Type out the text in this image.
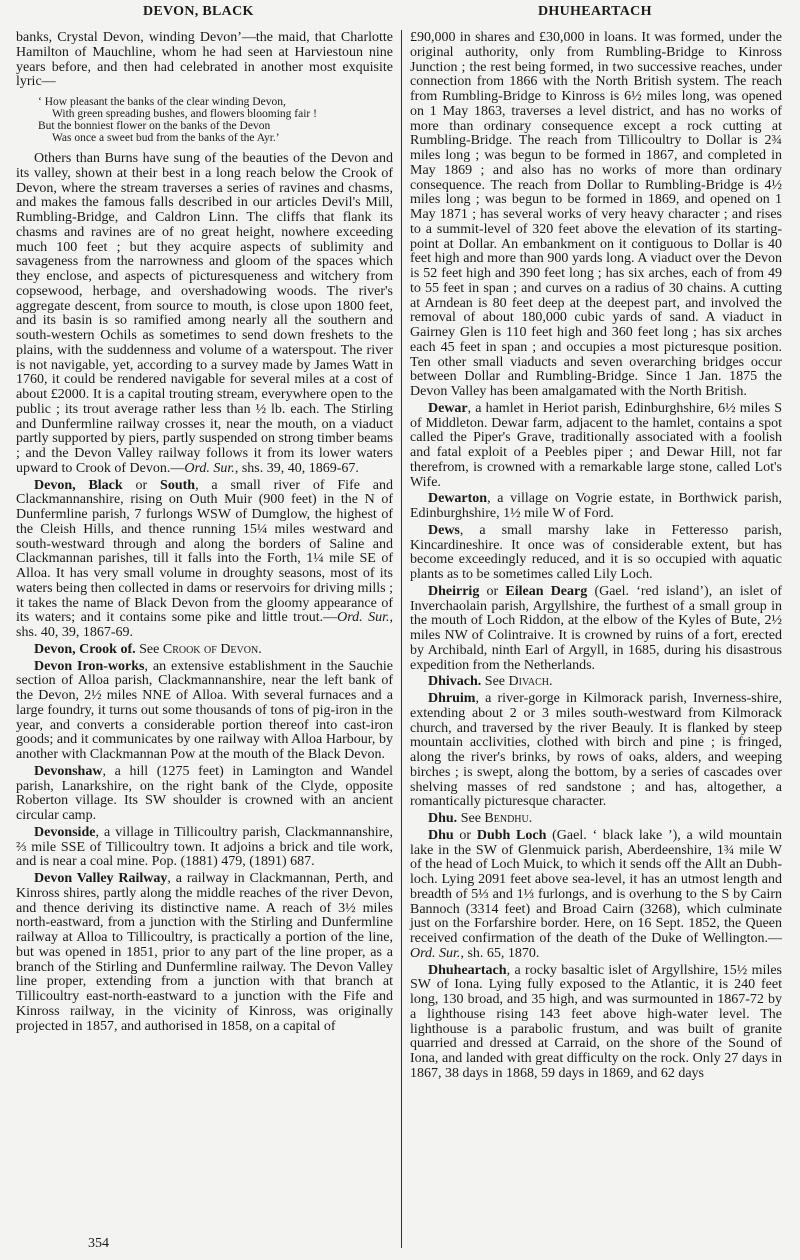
DEVON, BLACK	DHUHEARTACH

banks, Crystal Devon, winding Devon’—the maid, that Charlotte Hamilton of Mauchline, whom he had seen at Harviestoun nine years before, and then had celebrated in another most exquisite lyric—

‘ How pleasant the banks of the clear winding Devon,
With green spreading bushes, and flowers blooming fair !
But the bonniest flower on the banks of the Devon
Was once a sweet bud from the banks of the Ayr.’

Others than Burns have sung of the beauties of the Devon and its valley, shown at their best in a long reach below the Crook of Devon, where the stream traverses a series of ravines and chasms, and makes the famous falls described in our articles Devil's Mill, Rumbling-Bridge, and Caldron Linn. The cliffs that flank its chasms and ravines are of no great height, nowhere exceeding much 100 feet ; but they acquire aspects of sublimity and savageness from the narrowness and gloom of the spaces which they enclose, and aspects of picturesqueness and witchery from copsewood, herbage, and overshadowing woods. The river's aggregate descent, from source to mouth, is close upon 1800 feet, and its basin is so ramified among nearly all the southern and south-western Ochils as sometimes to send down freshets to the plains, with the suddenness and volume of a waterspout. The river is not navigable, yet, according to a survey made by James Watt in 1760, it could be rendered navigable for several miles at a cost of about £2000. It is a capital trouting stream, everywhere open to the public ; its trout average rather less than ½ lb. each. The Stirling and Dunfermline railway crosses it, near the mouth, on a viaduct partly supported by piers, partly suspended on strong timber beams ; and the Devon Valley railway follows it from its lower waters upward to Crook of Devon.—Ord. Sur., shs. 39, 40, 1869-67.

Devon, Black or South, a small river of Fife and Clackmannanshire, rising on Outh Muir (900 feet) in the N of Dunfermline parish, 7 furlongs WSW of Dumglow, the highest of the Cleish Hills, and thence running 15¼ miles westward and south-westward through and along the borders of Saline and Clackmannan parishes, till it falls into the Forth, 1¼ mile SE of Alloa. It has very small volume in droughty seasons, most of its waters being then collected in dams or reservoirs for driving mills ; it takes the name of Black Devon from the gloomy appearance of its waters; and it contains some pike and little trout.—Ord. Sur., shs. 40, 39, 1867-69.

Devon, Crook of. See Crook of Devon.

Devon Iron-works, an extensive establishment in the Sauchie section of Alloa parish, Clackmannanshire, near the left bank of the Devon, 2½ miles NNE of Alloa. With several furnaces and a large foundry, it turns out some thousands of tons of pig-iron in the year, and converts a considerable portion thereof into cast-iron goods; and it communicates by one railway with Alloa Harbour, by another with Clackmannan Pow at the mouth of the Black Devon.

Devonshaw, a hill (1275 feet) in Lamington and Wandel parish, Lanarkshire, on the right bank of the Clyde, opposite Roberton village. Its SW shoulder is crowned with an ancient circular camp.

Devonside, a village in Tillicoultry parish, Clackmannanshire, ⅔ mile SSE of Tillicoultry town. It adjoins a brick and tile work, and is near a coal mine. Pop. (1881) 479, (1891) 687.

Devon Valley Railway, a railway in Clackmannan, Perth, and Kinross shires, partly along the middle reaches of the river Devon, and thence deriving its distinctive name. A reach of 3½ miles north-eastward, from a junction with the Stirling and Dunfermline railway at Alloa to Tillicoultry, is practically a portion of the line, but was opened in 1851, prior to any part of the line proper, as a branch of the Stirling and Dunfermline railway. The Devon Valley line proper, extending from a junction with that branch at Tillicoultry east-north-eastward to a junction with the Fife and Kinross railway, in the vicinity of Kinross, was originally projected in 1857, and authorised in 1858, on a capital of

£90,000 in shares and £30,000 in loans. It was formed, under the original authority, only from Rumbling-Bridge to Kinross Junction ; the rest being formed, in two successive reaches, under connection from 1866 with the North British system. The reach from Rumbling-Bridge to Kinross is 6½ miles long, was opened on 1 May 1863, traverses a level district, and has no works of more than ordinary consequence except a rock cutting at Rumbling-Bridge. The reach from Tillicoultry to Dollar is 2¾ miles long ; was begun to be formed in 1867, and completed in May 1869 ; and also has no works of more than ordinary consequence. The reach from Dollar to Rumbling-Bridge is 4½ miles long ; was begun to be formed in 1869, and opened on 1 May 1871 ; has several works of very heavy character ; and rises to a summit-level of 320 feet above the elevation of its starting-point at Dollar. An embankment on it contiguous to Dollar is 40 feet high and more than 900 yards long. A viaduct over the Devon is 52 feet high and 390 feet long ; has six arches, each of from 49 to 55 feet in span ; and curves on a radius of 30 chains. A cutting at Arndean is 80 feet deep at the deepest part, and involved the removal of about 180,000 cubic yards of sand. A viaduct in Gairney Glen is 110 feet high and 360 feet long ; has six arches each 45 feet in span ; and occupies a most picturesque position. Ten other small viaducts and seven overarching bridges occur between Dollar and Rumbling-Bridge. Since 1 Jan. 1875 the Devon Valley has been amalgamated with the North British.

Dewar, a hamlet in Heriot parish, Edinburghshire, 6½ miles S of Middleton. Dewar farm, adjacent to the hamlet, contains a spot called the Piper's Grave, traditionally associated with a foolish and fatal exploit of a Peebles piper ; and Dewar Hill, not far therefrom, is crowned with a remarkable large stone, called Lot's Wife.

Dewarton, a village on Vogrie estate, in Borthwick parish, Edinburghshire, 1½ mile W of Ford.

Dews, a small marshy lake in Fetteresso parish, Kincardineshire. It once was of considerable extent, but has become exceedingly reduced, and it is so occupied with aquatic plants as to be sometimes called Lily Loch.

Dheirrig or Eilean Dearg (Gael. ‘red island’), an islet of Inverchaolain parish, Argyllshire, the furthest of a small group in the mouth of Loch Riddon, at the elbow of the Kyles of Bute, 2½ miles NW of Colintraive. It is crowned by ruins of a fort, erected by Archibald, ninth Earl of Argyll, in 1685, during his disastrous expedition from the Netherlands.

Dhivach. See Divach.

Dhruim, a river-gorge in Kilmorack parish, Inverness-shire, extending about 2 or 3 miles south-westward from Kilmorack church, and traversed by the river Beauly. It is flanked by steep mountain acclivities, clothed with birch and pine ; is fringed, along the river's brinks, by rows of oaks, alders, and weeping birches ; is swept, along the bottom, by a series of cascades over shelving masses of red sandstone ; and has, altogether, a romantically picturesque character.

Dhu. See Bendhu.

Dhu or Dubh Loch (Gael. ‘ black lake ’), a wild mountain lake in the SW of Glenmuick parish, Aberdeenshire, 1¾ mile W of the head of Loch Muick, to which it sends off the Allt an Dubh-loch. Lying 2091 feet above sea-level, it has an utmost length and breadth of 5⅓ and 1⅓ furlongs, and is overhung to the S by Cairn Bannoch (3314 feet) and Broad Cairn (3268), which culminate just on the Forfarshire border. Here, on 16 Sept. 1852, the Queen received confirmation of the death of the Duke of Wellington.—Ord. Sur., sh. 65, 1870.

Dhuheartach, a rocky basaltic islet of Argyllshire, 15½ miles SW of Iona. Lying fully exposed to the Atlantic, it is 240 feet long, 130 broad, and 35 high, and was surmounted in 1867-72 by a lighthouse rising 143 feet above high-water level. The lighthouse is a parabolic frustum, and was built of granite quarried and dressed at Carraid, on the shore of the Sound of Iona, and landed with great difficulty on the rock. Only 27 days in 1867, 38 days in 1868, 59 days in 1869, and 62 days

354
